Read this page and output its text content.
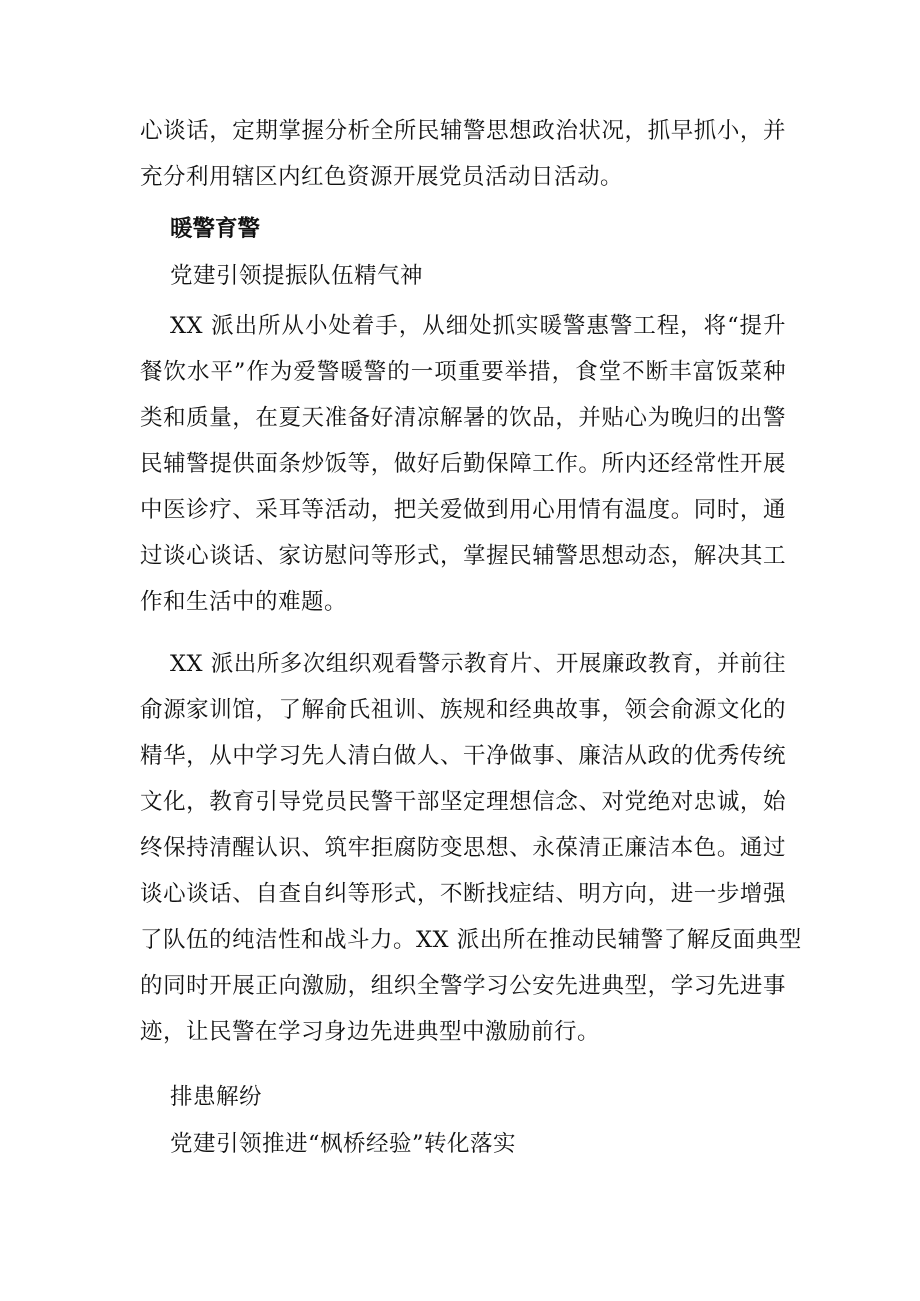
心谈话，定期掌握分析全所民辅警思想政治状况，抓早抓小，并
充分利用辖区内红色资源开展党员活动日活动。
暖警育警
党建引领提振队伍精气神
XX 派出所从小处着手，从细处抓实暖警惠警工程，将“提升
餐饮水平”作为爱警暖警的一项重要举措，食堂不断丰富饭菜种
类和质量，在夏天准备好清凉解暑的饮品，并贴心为晚归的出警
民辅警提供面条炒饭等，做好后勤保障工作。所内还经常性开展
中医诊疗、采耳等活动，把关爱做到用心用情有温度。同时，通
过谈心谈话、家访慰问等形式，掌握民辅警思想动态，解决其工
作和生活中的难题。
XX 派出所多次组织观看警示教育片、开展廉政教育，并前往
俞源家训馆，了解俞氏祖训、族规和经典故事，领会俞源文化的
精华，从中学习先人清白做人、干净做事、廉洁从政的优秀传统
文化，教育引导党员民警干部坚定理想信念、对党绝对忠诚，始
终保持清醒认识、筑牢拒腐防变思想、永葆清正廉洁本色。通过
谈心谈话、自查自纠等形式，不断找症结、明方向，进一步增强
了队伍的纯洁性和战斗力。XX 派出所在推动民辅警了解反面典型
的同时开展正向激励，组织全警学习公安先进典型，学习先进事
迹，让民警在学习身边先进典型中激励前行。
排患解纷
党建引领推进“枫桥经验”转化落实
